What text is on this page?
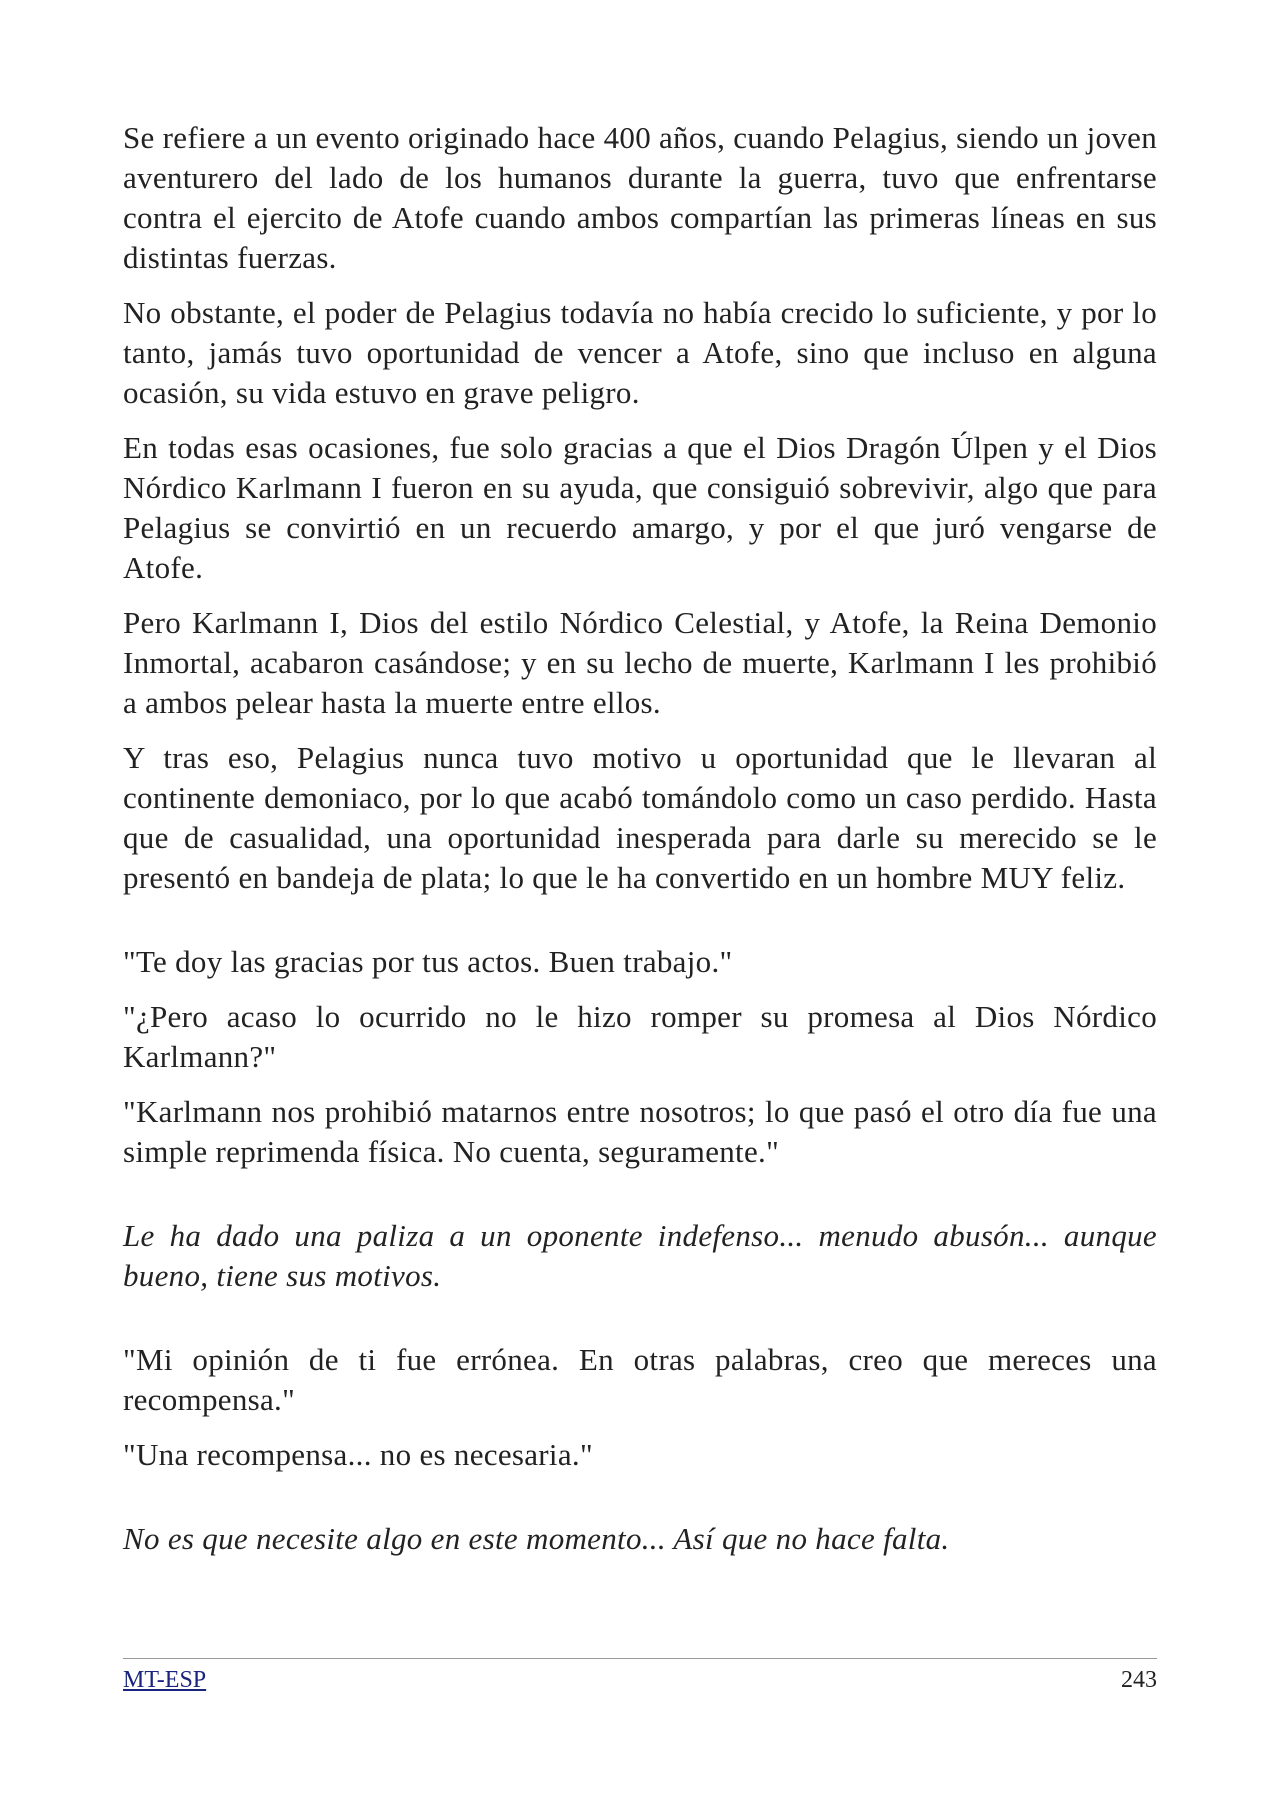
Se refiere a un evento originado hace 400 años, cuando Pelagius, siendo un joven aventurero del lado de los humanos durante la guerra, tuvo que enfrentarse contra el ejercito de Atofe cuando ambos compartían las primeras líneas en sus distintas fuerzas.

No obstante, el poder de Pelagius todavía no había crecido lo suficiente, y por lo tanto, jamás tuvo oportunidad de vencer a Atofe, sino que incluso en alguna ocasión, su vida estuvo en grave peligro.

En todas esas ocasiones, fue solo gracias a que el Dios Dragón Úlpen y el Dios Nórdico Karlmann I fueron en su ayuda, que consiguió sobrevivir, algo que para Pelagius se convirtió en un recuerdo amargo, y por el que juró vengarse de Atofe.

Pero Karlmann I, Dios del estilo Nórdico Celestial, y Atofe, la Reina Demonio Inmortal, acabaron casándose; y en su lecho de muerte, Karlmann I les prohibió a ambos pelear hasta la muerte entre ellos.

Y tras eso, Pelagius nunca tuvo motivo u oportunidad que le llevaran al continente demoniaco, por lo que acabó tomándolo como un caso perdido. Hasta que de casualidad, una oportunidad inesperada para darle su merecido se le presentó en bandeja de plata; lo que le ha convertido en un hombre MUY feliz.

"Te doy las gracias por tus actos. Buen trabajo."

"¿Pero acaso lo ocurrido no le hizo romper su promesa al Dios Nórdico Karlmann?"

"Karlmann nos prohibió matarnos entre nosotros; lo que pasó el otro día fue una simple reprimenda física. No cuenta, seguramente."

Le ha dado una paliza a un oponente indefenso... menudo abusón... aunque bueno, tiene sus motivos.

"Mi opinión de ti fue errónea. En otras palabras, creo que mereces una recompensa."

"Una recompensa... no es necesaria."

No es que necesite algo en este momento... Así que no hace falta.

MT-ESP	243
